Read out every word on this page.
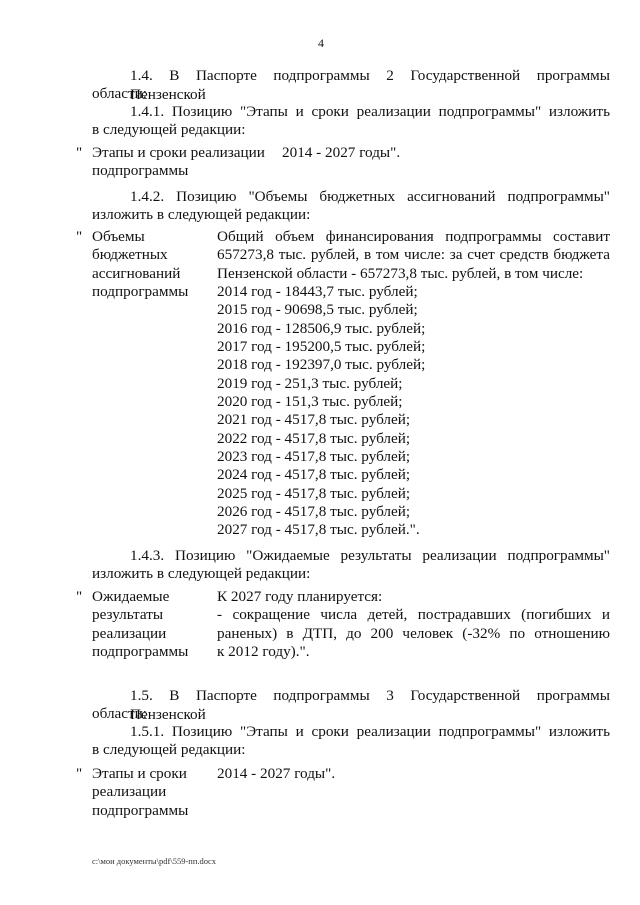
4
1.4. В Паспорте подпрограммы 2 Государственной программы Пензенской
области:
1.4.1. Позицию "Этапы и сроки реализации подпрограммы" изложить
в следующей редакции:
" Этапы и сроки реализации
подпрограммы
2014 - 2027 годы".
1.4.2. Позицию "Объемы бюджетных ассигнований подпрограммы"
изложить в следующей редакции:
" Объемы
бюджетных
ассигнований
подпрограммы
Общий объем финансирования подпрограммы составит
657273,8 тыс. рублей, в том числе: за счет средств бюджета
Пензенской области - 657273,8 тыс. рублей, в том числе:
2014 год - 18443,7 тыс. рублей;
2015 год - 90698,5 тыс. рублей;
2016 год - 128506,9 тыс. рублей;
2017 год - 195200,5 тыс. рублей;
2018 год - 192397,0 тыс. рублей;
2019 год - 251,3 тыс. рублей;
2020 год - 151,3 тыс. рублей;
2021 год - 4517,8 тыс. рублей;
2022 год - 4517,8 тыс. рублей;
2023 год - 4517,8 тыс. рублей;
2024 год - 4517,8 тыс. рублей;
2025 год - 4517,8 тыс. рублей;
2026 год - 4517,8 тыс. рублей;
2027 год - 4517,8 тыс. рублей.".
1.4.3. Позицию "Ожидаемые результаты реализации подпрограммы"
изложить в следующей редакции:
" Ожидаемые
результаты
реализации
подпрограммы
К 2027 году планируется:
- сокращение числа детей, пострадавших (погибших и
раненых) в ДТП, до 200 человек (-32% по отношению
к 2012 году).".
1.5. В Паспорте подпрограммы 3 Государственной программы Пензенской
области:
1.5.1. Позицию "Этапы и сроки реализации подпрограммы" изложить
в следующей редакции:
" Этапы и сроки
реализации
подпрограммы
2014 - 2027 годы".
c:\мои документы\pdf\559-пп.docx
